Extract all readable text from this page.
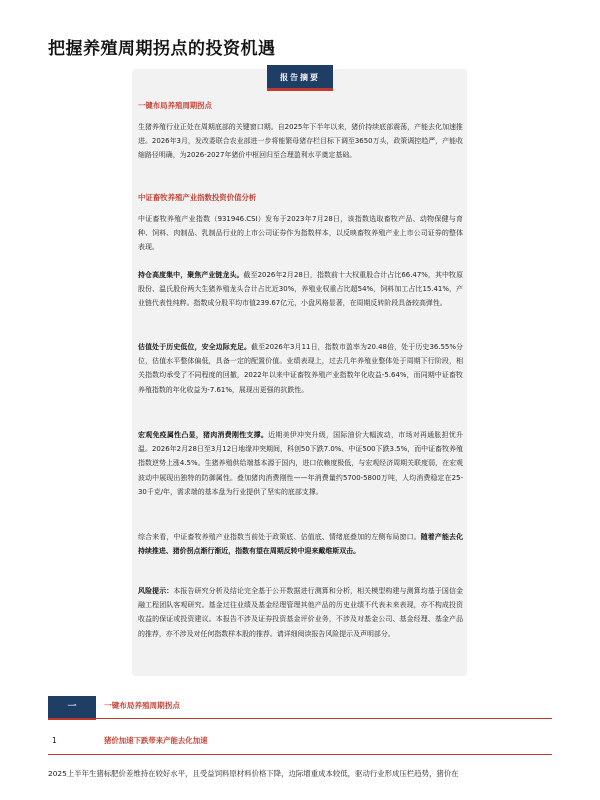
把握养殖周期拐点的投资机遇
报告摘要
一键布局养殖周期拐点

生猪养殖行业正处在周期底部的关键窗口期。自2025年下半年以来，猪价持续底部震荡，产能去化加速推进。2026年3月，发改委联合农业部进一步将能繁母猪存栏目标下调至3650万头，政策调控趋严，产能收缩路径明确，为2026-2027年猪价中枢回归至合理盈利水平奠定基础。

中证畜牧养殖产业指数投资价值分析

中证畜牧养殖产业指数（931946.CSI）发布于2023年7月28日，该指数选取畜牧产品、动物保健与育种、饲料、肉制品、乳制品行业的上市公司证券作为指数样本，以反映畜牧养殖产业上市公司证券的整体表现。

持仓高度集中，聚焦产业链龙头。截至2026年2月28日，指数前十大权重股合计占比66.47%，其中牧原股份、温氏股份两大生猪养殖龙头合计占比近30%，养殖业权重占比超54%，饲料加工占比15.41%，产业链代表性纯粹。指数成分股平均市值239.67亿元，小盘风格显著，在周期反转阶段具备较高弹性。

估值处于历史低位，安全边际充足。截至2026年3月11日，指数市盈率为20.48倍，处于历史36.55%分位，估值水平整体偏低，具备一定的配置价值。业绩表现上，过去几年养殖业整体处于周期下行阶段，相关指数均承受了不同程度的回撤，2022年以来中证畜牧养殖产业指数年化收益-5.64%，而同期中证畜牧养殖指数的年化收益为-7.61%，展现出更强的抗跌性。

宏观免疫属性凸显，猪肉消费刚性支撑。近期美伊冲突升级，国际油价大幅波动，市场对再通胀担忧升温。2026年2月28日至3月12日地缘冲突期间，科创50下跌7.0%、中证500下跌3.5%，而中证畜牧养殖指数逆势上涨4.5%。生猪养殖供给端基本源于国内，进口依赖度极低，与宏观经济周期关联度弱，在宏观波动中展现出独特的防御属性。叠加猪肉消费刚性——年消费量约5700-5800万吨，人均消费稳定在25-30千克/年，需求端的基本盘为行业提供了坚实的底部支撑。

综合来看，中证畜牧养殖产业指数当前处于政策底、估值底、情绪底叠加的左侧布局窗口。随着产能去化持续推进、猪价拐点渐行渐近，指数有望在周期反转中迎来戴维斯双击。

风险提示：本报告研究分析及结论完全基于公开数据进行测算和分析，相关模型构建与测算均基于国信金融工程团队客观研究。基金过往业绩及基金经理管理其他产品的历史业绩不代表未来表现，亦不构成投资收益的保证或投资建议。本报告不涉及证券投资基金评价业务，不涉及对基金公司、基金经理、基金产品的推荐，亦不涉及对任何指数样本股的推荐。请详细阅读报告风险提示及声明部分。

一	一键布局养殖周期拐点
1	猪价加速下跌带来产能去化加速
2025上半年生猪标肥价差维持在较好水平，且受益饲料原材料价格下降，边际增重成本较低，驱动行业形成压栏趋势，猪价在
